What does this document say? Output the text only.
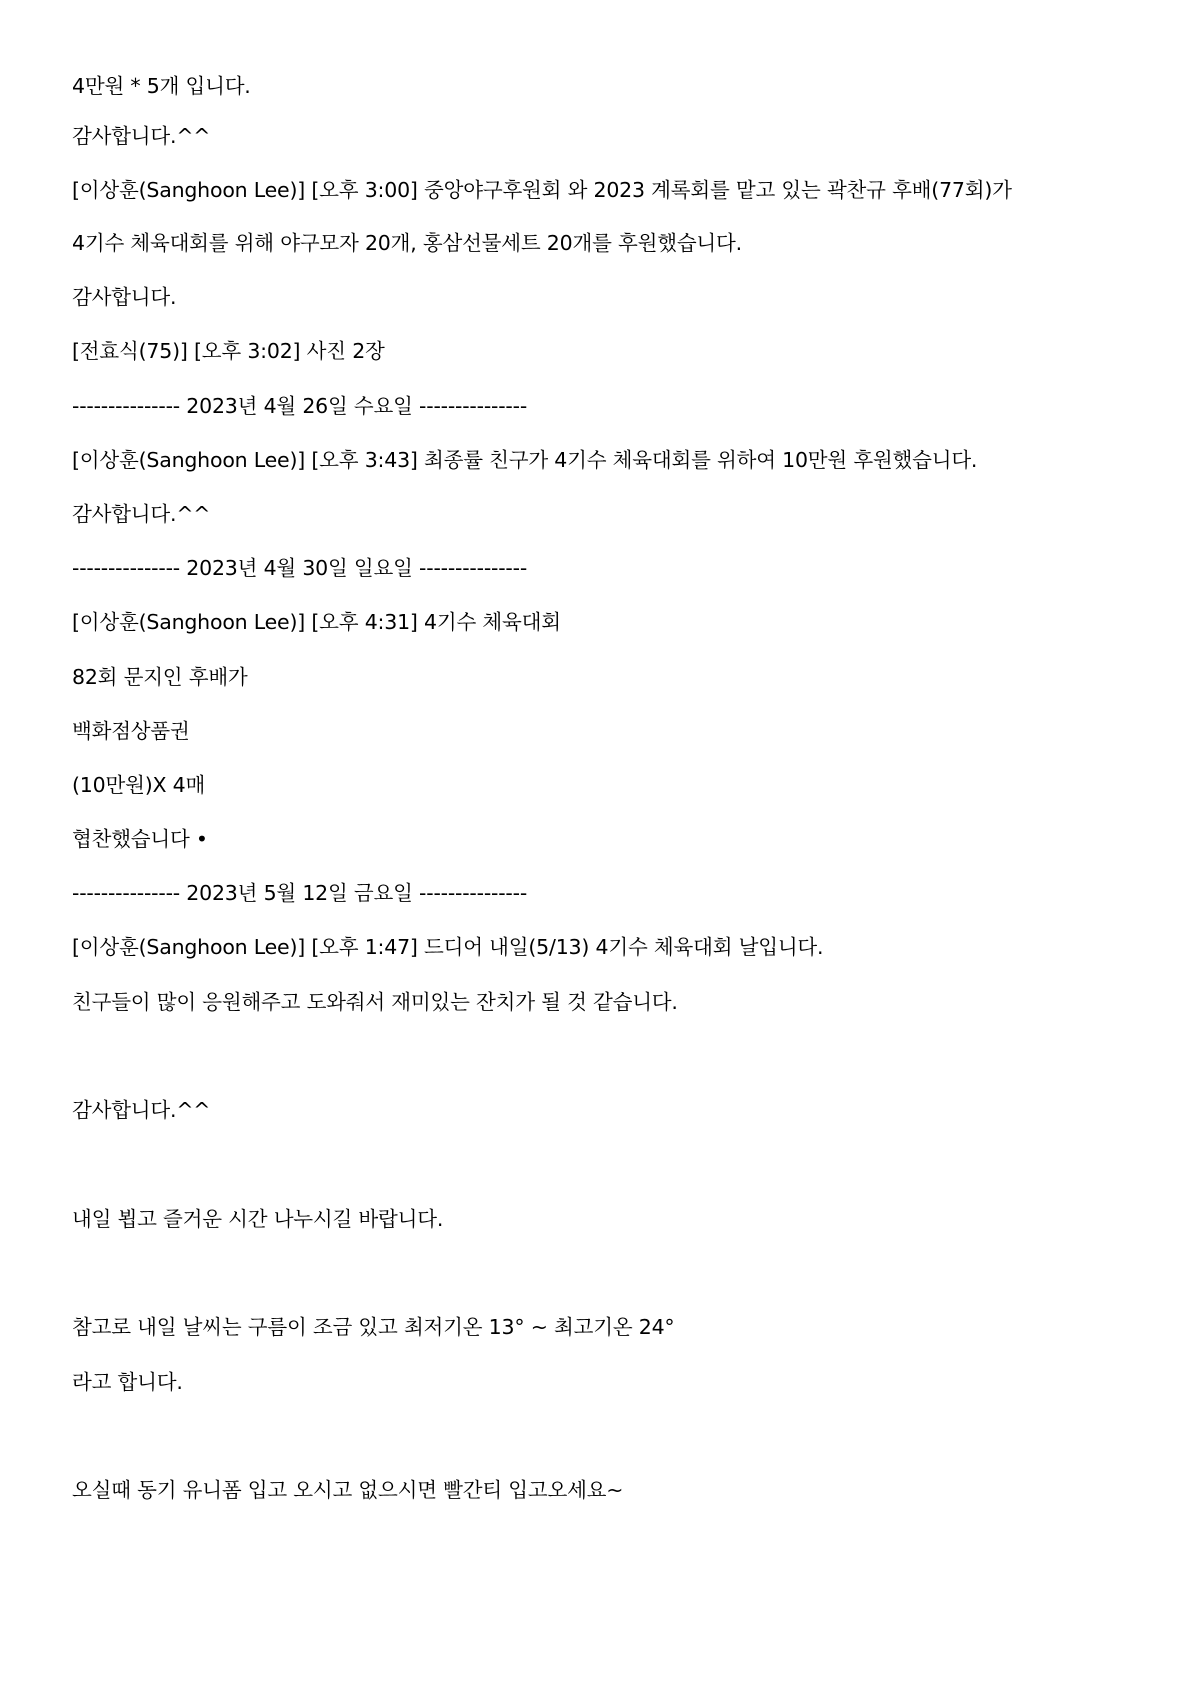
4만원 * 5개 입니다.
감사합니다.^^
[이상훈(Sanghoon Lee)] [오후 3:00] 중앙야구후원회 와 2023 계록회를 맡고 있는 곽찬규 후배(77회)가
4기수 체육대회를 위해 야구모자 20개, 홍삼선물세트 20개를 후원했습니다.
감사합니다.
[전효식(75)] [오후 3:02] 사진 2장
--------------- 2023년 4월 26일 수요일 ---------------
[이상훈(Sanghoon Lee)] [오후 3:43] 최종률 친구가 4기수 체육대회를 위하여 10만원 후원했습니다.
감사합니다.^^
--------------- 2023년 4월 30일 일요일 ---------------
[이상훈(Sanghoon Lee)] [오후 4:31] 4기수 체육대회
82회 문지인 후배가
백화점상품권
(10만원)X 4매
협찬했습니다 •
--------------- 2023년 5월 12일 금요일 ---------------
[이상훈(Sanghoon Lee)] [오후 1:47] 드디어 내일(5/13) 4기수 체육대회 날입니다.
친구들이 많이 응원해주고 도와줘서 재미있는 잔치가 될 것 같습니다.
감사합니다.^^
내일 뵙고 즐거운 시간 나누시길 바랍니다.
참고로 내일 날씨는 구름이 조금 있고 최저기온 13° ~ 최고기온 24°
라고 합니다.
오실때 동기 유니폼 입고 오시고 없으시면 빨간티 입고오세요~
